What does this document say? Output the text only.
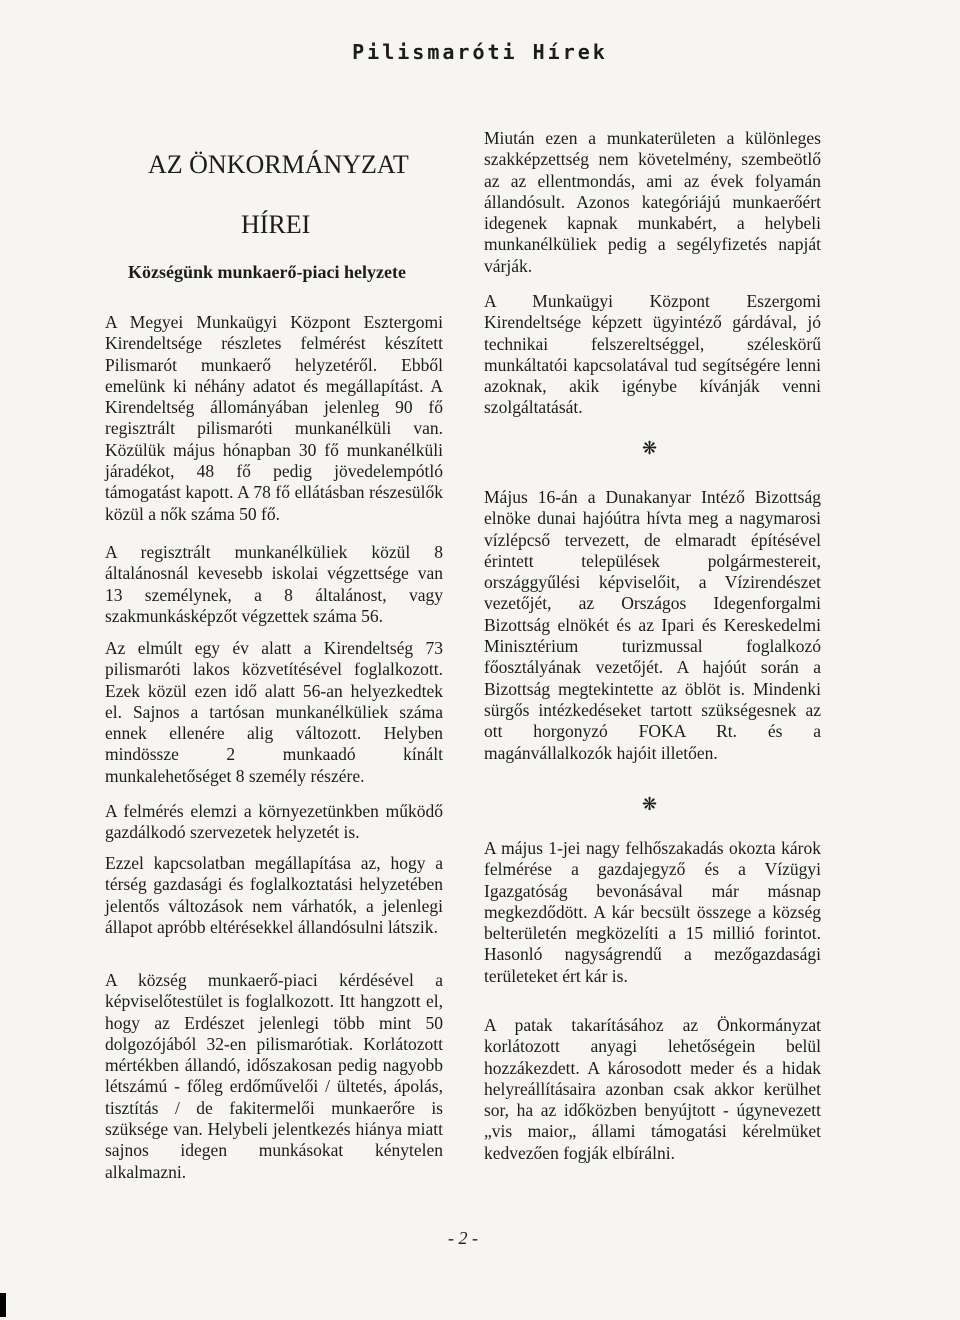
Pilismaróti Hírek

AZ ÖNKORMÁNYZAT
HÍREI
Községünk munkaerő-piaci helyzete

A Megyei Munkaügyi Központ Esztergomi Kirendeltsége részletes felmérést készített Pilismarót munkaerő helyzetéről. Ebből emelünk ki néhány adatot és megállapítást. A Kirendeltség állományában jelenleg 90 fő regisztrált pilismaróti munkanélküli van. Közülük május hónapban 30 fő munkanélküli járadékot, 48 fő pedig jövedelempótló támogatást kapott. A 78 fő ellátásban részesülők közül a nők száma 50 fő.

A regisztrált munkanélküliek közül 8 általánosnál kevesebb iskolai végzettsége van 13 személynek, a 8 általánost, vagy szakmunkásképzőt végzettek száma 56.

Az elmúlt egy év alatt a Kirendeltség 73 pilismaróti lakos közvetítésével foglalkozott. Ezek közül ezen idő alatt 56-an helyezkedtek el. Sajnos a tartósan munkanélküliek száma ennek ellenére alig változott. Helyben mindössze 2 munkaadó kínált munkalehetőséget 8 személy részére.

A felmérés elemzi a környezetünkben működő gazdálkodó szervezetek helyzetét is.

Ezzel kapcsolatban megállapítása az, hogy a térség gazdasági és foglalkoztatási helyzetében jelentős változások nem várhatók, a jelenlegi állapot apróbb eltérésekkel állandósulni látszik.

A község munkaerő-piaci kérdésével a képviselőtestület is foglalkozott. Itt hangzott el, hogy az Erdészet jelenlegi több mint 50 dolgozójából 32-en pilismarótiak. Korlátozott mértékben állandó, időszakosan pedig nagyobb létszámú - főleg erdőművelői / ültetés, ápolás, tisztítás / de fakitermelői munkaerőre is szüksége van. Helybeli jelentkezés hiánya miatt sajnos idegen munkásokat kénytelen alkalmazni.

Miután ezen a munkaterületen a különleges szakképzettség nem követelmény, szembeötlő az az ellentmondás, ami az évek folyamán állandósult. Azonos kategóriájú munkaerőért idegenek kapnak munkabért, a helybeli munkanélküliek pedig a segélyfizetés napját várják.

A Munkaügyi Központ Eszergomi Kirendeltsége képzett ügyintéző gárdával, jó technikai felszereltséggel, széleskörű munkáltatói kapcsolatával tud segítségére lenni azoknak, akik igénybe kívánják venni szolgáltatását.

❋

Május 16-án a Dunakanyar Intéző Bizottság elnöke dunai hajóútra hívta meg a nagymarosi vízlépcső tervezett, de elmaradt építésével érintett települések polgármestereit, országgyűlési képviselőit, a Vízirendészet vezetőjét, az Országos Idegenforgalmi Bizottság elnökét és az Ipari és Kereskedelmi Minisztérium turizmussal foglalkozó főosztályának vezetőjét. A hajóút során a Bizottság megtekintette az öblöt is. Mindenki sürgős intézkedéseket tartott szükségesnek az ott horgonyzó FOKA Rt. és a magánvállalkozók hajóit illetően.

❋

A május 1-jei nagy felhőszakadás okozta károk felmérése a gazdajegyző és a Vízügyi Igazgatóság bevonásával már másnap megkezdődött. A kár becsült összege a község belterületén megközelíti a 15 millió forintot. Hasonló nagyságrendű a mezőgazdasági területeket ért kár is.

A patak takarításához az Önkormányzat korlátozott anyagi lehetőségein belül hozzákezdett. A károsodott meder és a hidak helyreállításaira azonban csak akkor kerülhet sor, ha az időközben benyújtott - úgynevezett „vis maior„ állami támogatási kérelmüket kedvezően fogják elbírálni.

- 2 -
